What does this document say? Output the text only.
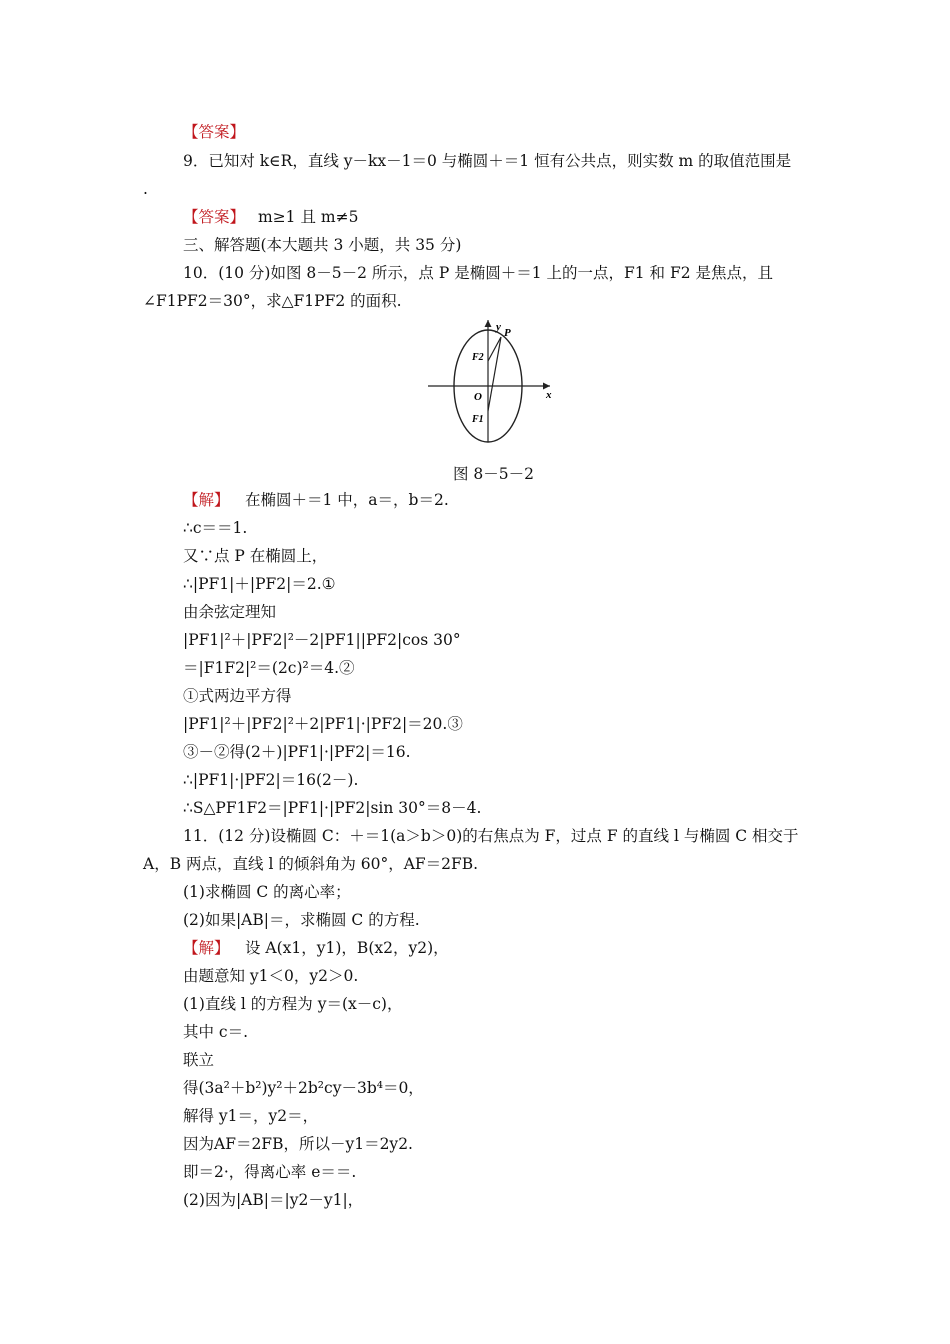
【答案】
9．已知对 k∈R，直线 y－kx－1＝0 与椭圆＋＝1 恒有公共点，则实数 m 的取值范围是
.
【答案】 m≥1 且 m≠5
三、解答题(本大题共 3 小题，共 35 分)
10．(10 分)如图 8－5－2 所示，点 P 是椭圆＋＝1 上的一点，F1 和 F2 是焦点，且
∠F1PF2＝30°，求△F1PF2 的面积.
y P
F2
O
F1
x
图 8－5－2
【解】 在椭圆＋＝1 中，a＝，b＝2.
∴c＝＝1.
又∵点 P 在椭圆上，
∴|PF1|＋|PF2|＝2.①
由余弦定理知
|PF1|²＋|PF2|²－2|PF1||PF2|cos 30°
＝|F1F2|²＝(2c)²＝4.②
①式两边平方得
|PF1|²＋|PF2|²＋2|PF1|·|PF2|＝20.③
③－②得(2＋)|PF1|·|PF2|＝16.
∴|PF1|·|PF2|＝16(2－).
∴S△PF1F2＝|PF1|·|PF2|sin 30°＝8－4.
11．(12 分)设椭圆 C：＋＝1(a＞b＞0)的右焦点为 F，过点 F 的直线 l 与椭圆 C 相交于
A，B 两点，直线 l 的倾斜角为 60°，AF＝2FB.
(1)求椭圆 C 的离心率；
(2)如果|AB|＝，求椭圆 C 的方程.
【解】 设 A(x1，y1)，B(x2，y2)，
由题意知 y1＜0，y2＞0.
(1)直线 l 的方程为 y＝(x－c)，
其中 c＝.
联立
得(3a²＋b²)y²＋2b²cy－3b⁴＝0，
解得 y1＝，y2＝，
因为AF＝2FB，所以－y1＝2y2.
即＝2·，得离心率 e＝＝.
(2)因为|AB|＝|y2－y1|，
